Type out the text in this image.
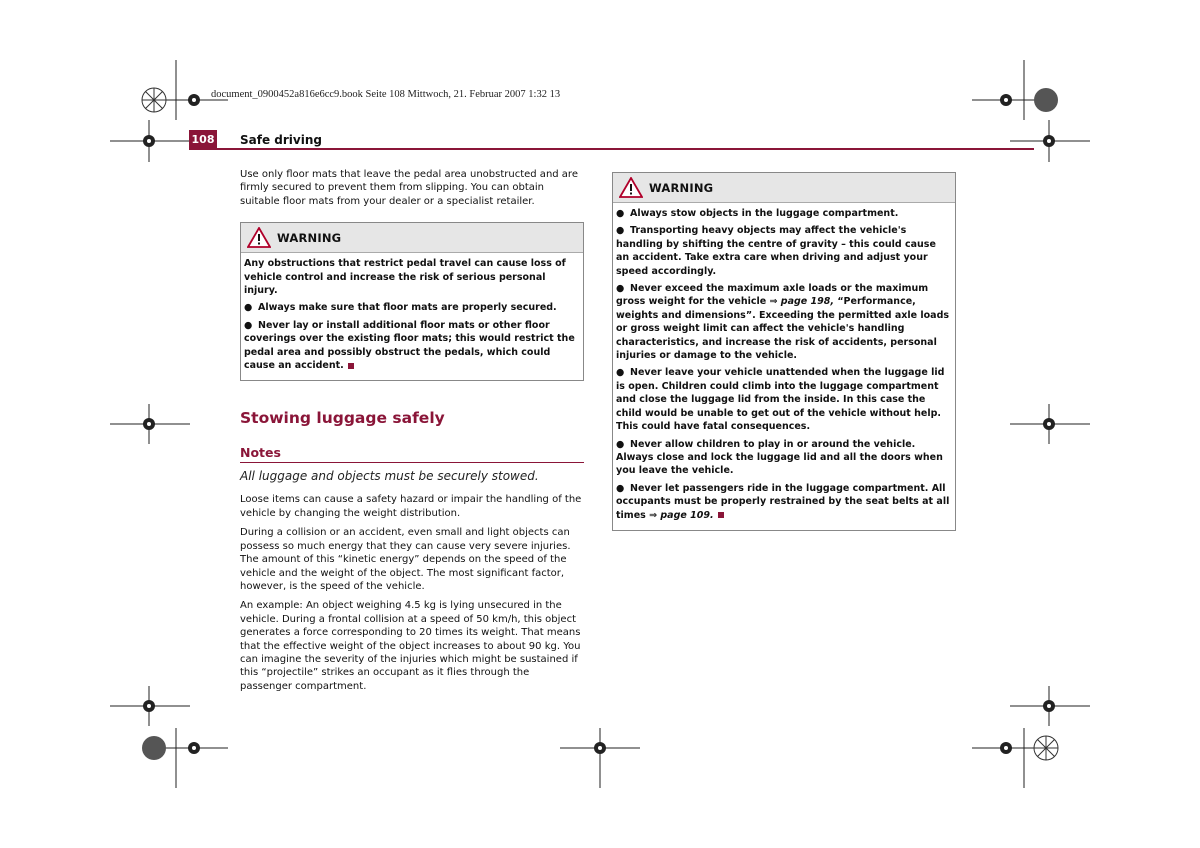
document_0900452a816e6cc9.book Seite 108 Mittwoch, 21. Februar 2007 1:32 13
108 Safe driving

Use only floor mats that leave the pedal area unobstructed and are firmly secured to prevent them from slipping. You can obtain suitable floor mats from your dealer or a specialist retailer.

WARNING

Any obstructions that restrict pedal travel can cause loss of vehicle control and increase the risk of serious personal injury.

● Always make sure that floor mats are properly secured.

● Never lay or install additional floor mats or other floor coverings over the existing floor mats; this would restrict the pedal area and possibly obstruct the pedals, which could cause an accident.

Stowing luggage safely
Notes

All luggage and objects must be securely stowed.

Loose items can cause a safety hazard or impair the handling of the vehicle by changing the weight distribution.

During a collision or an accident, even small and light objects can possess so much energy that they can cause very severe injuries. The amount of this “kinetic energy” depends on the speed of the vehicle and the weight of the object. The most significant factor, however, is the speed of the vehicle.

An example: An object weighing 4.5 kg is lying unsecured in the vehicle. During a frontal collision at a speed of 50 km/h, this object generates a force corresponding to 20 times its weight. That means that the effective weight of the object increases to about 90 kg. You can imagine the severity of the injuries which might be sustained if this “projectile” strikes an occupant as it flies through the passenger compartment.

WARNING

● Always stow objects in the luggage compartment.

● Transporting heavy objects may affect the vehicle's handling by shifting the centre of gravity – this could cause an accident. Take extra care when driving and adjust your speed accordingly.

● Never exceed the maximum axle loads or the maximum gross weight for the vehicle ⇒ page 198, “Performance, weights and dimensions”. Exceeding the permitted axle loads or gross weight limit can affect the vehicle's handling characteristics, and increase the risk of accidents, personal injuries or damage to the vehicle.

● Never leave your vehicle unattended when the luggage lid is open. Children could climb into the luggage compartment and close the luggage lid from the inside. In this case the child would be unable to get out of the vehicle without help. This could have fatal consequences.

● Never allow children to play in or around the vehicle. Always close and lock the luggage lid and all the doors when you leave the vehicle.

● Never let passengers ride in the luggage compartment. All occupants must be properly restrained by the seat belts at all times ⇒ page 109.
